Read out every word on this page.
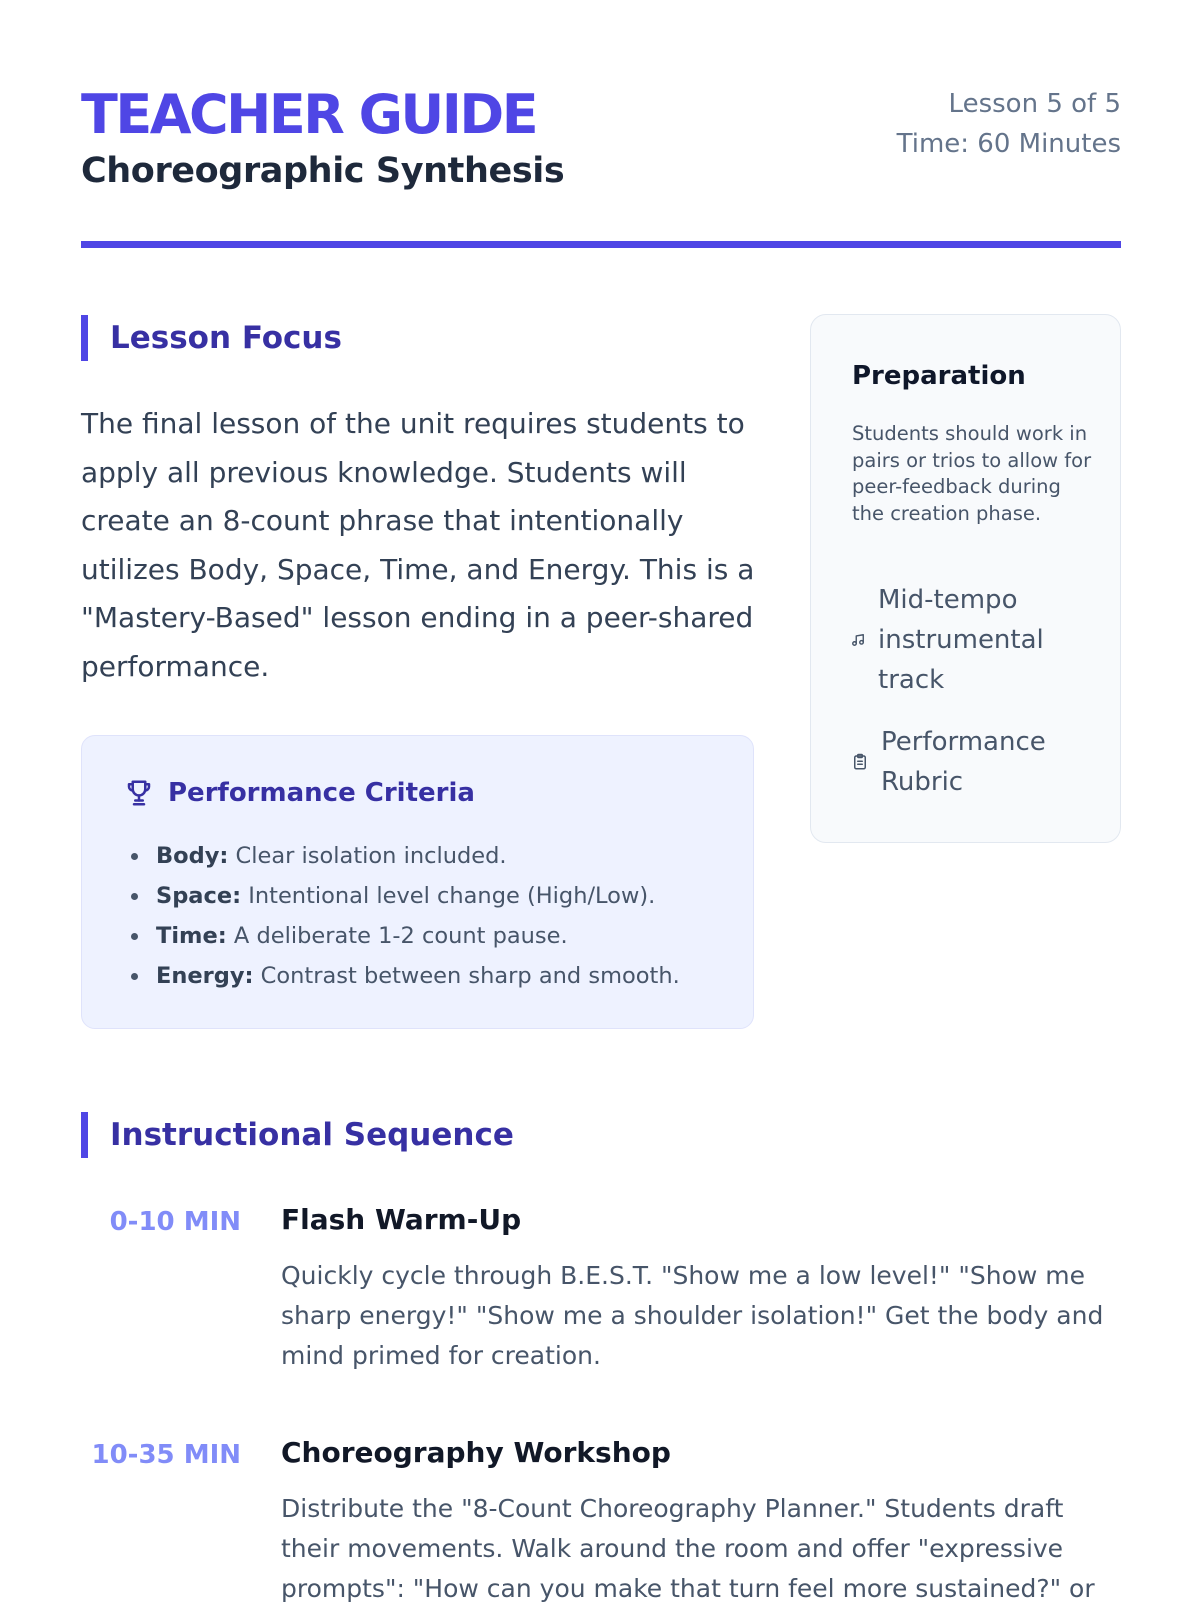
TEACHER GUIDE
Choreographic Synthesis
Lesson 5 of 5
Time: 60 Minutes
Lesson Focus

The final lesson of the unit requires students to apply all previous knowledge. Students will create an 8-count phrase that intentionally utilizes Body, Space, Time, and Energy. This is a "Mastery-Based" lesson ending in a peer-shared performance.

Performance Criteria
Body: Clear isolation included.
Space: Intentional level change (High/Low).
Time: A deliberate 1-2 count pause.
Energy: Contrast between sharp and smooth.
Preparation

Students should work in pairs or trios to allow for peer-feedback during the creation phase.

Mid-tempo instrumental track
Performance Rubric
Instructional Sequence
0-10 MIN Flash Warm-Up

Quickly cycle through B.E.S.T. "Show me a low level!" "Show me sharp energy!" "Show me a shoulder isolation!" Get the body and mind primed for creation.

10-35 MIN Choreography Workshop

Distribute the "8-Count Choreography Planner." Students draft their movements. Walk around the room and offer "expressive prompts": "How can you make that turn feel more sustained?" or
